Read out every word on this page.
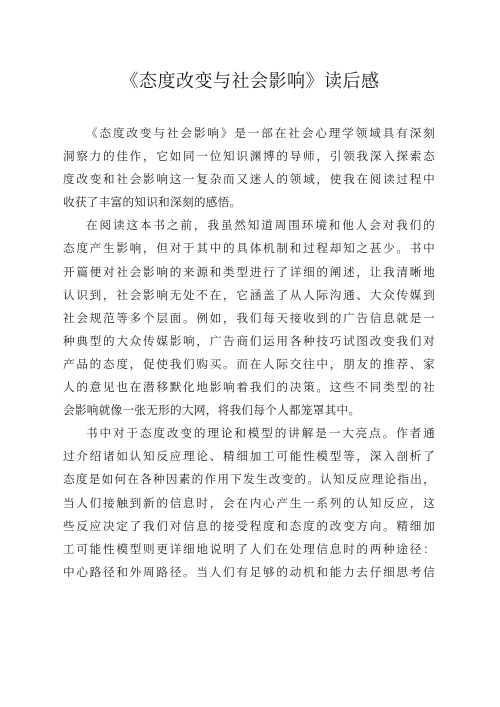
《态度改变与社会影响》读后感
《态度改变与社会影响》是一部在社会心理学领域具有深刻
洞察力的佳作，它如同一位知识渊博的导师，引领我深入探索态
度改变和社会影响这一复杂而又迷人的领域，使我在阅读过程中
收获了丰富的知识和深刻的感悟。
在阅读这本书之前，我虽然知道周围环境和他人会对我们的
态度产生影响，但对于其中的具体机制和过程却知之甚少。书中
开篇便对社会影响的来源和类型进行了详细的阐述，让我清晰地
认识到，社会影响无处不在，它涵盖了从人际沟通、大众传媒到
社会规范等多个层面。例如，我们每天接收到的广告信息就是一
种典型的大众传媒影响，广告商们运用各种技巧试图改变我们对
产品的态度，促使我们购买。而在人际交往中，朋友的推荐、家
人的意见也在潜移默化地影响着我们的决策。这些不同类型的社
会影响就像一张无形的大网，将我们每个人都笼罩其中。
书中对于态度改变的理论和模型的讲解是一大亮点。作者通
过介绍诸如认知反应理论、精细加工可能性模型等，深入剖析了
态度是如何在各种因素的作用下发生改变的。认知反应理论指出，
当人们接触到新的信息时，会在内心产生一系列的认知反应，这
些反应决定了我们对信息的接受程度和态度的改变方向。精细加
工可能性模型则更详细地说明了人们在处理信息时的两种途径：
中心路径和外周路径。当人们有足够的动机和能力去仔细思考信
